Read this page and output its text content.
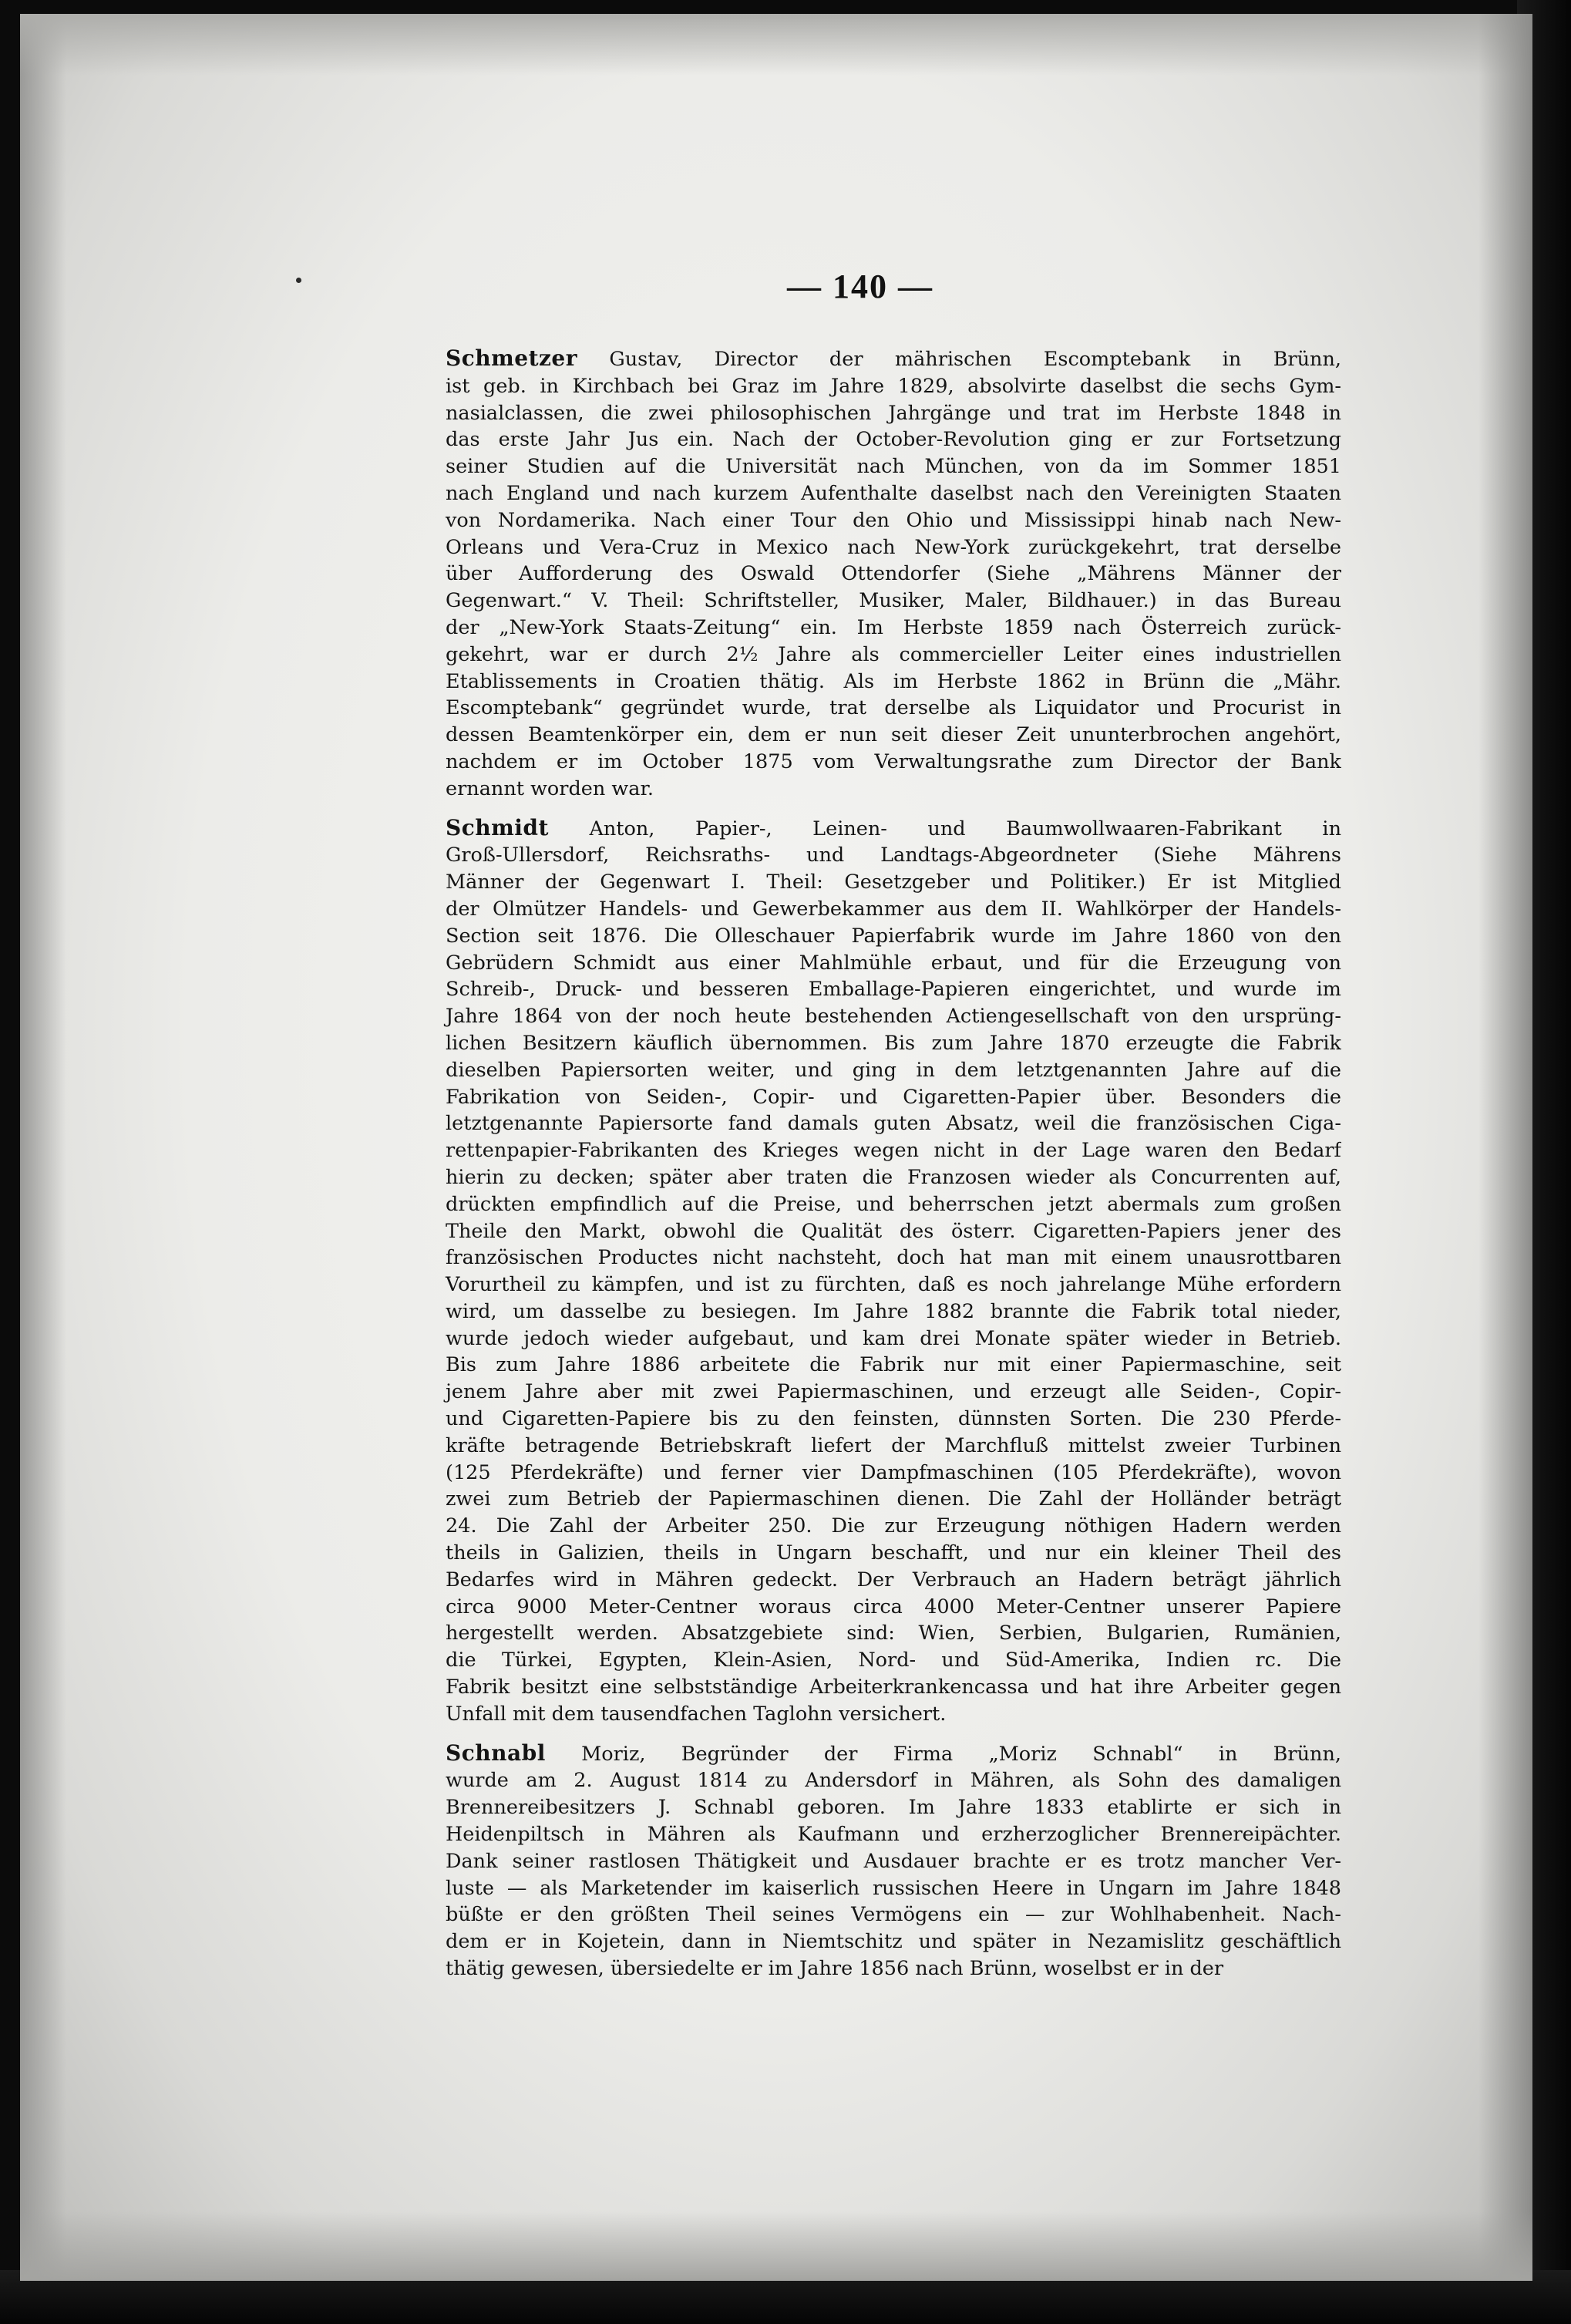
— 140 —
Schmetzer Gustav, Director der mährischen Escomptebank in Brünn,
ist geb. in Kirchbach bei Graz im Jahre 1829, absolvirte daselbst die sechs Gym-
nasialclassen, die zwei philosophischen Jahrgänge und trat im Herbste 1848 in
das erste Jahr Jus ein. Nach der October-Revolution ging er zur Fortsetzung
seiner Studien auf die Universität nach München, von da im Sommer 1851
nach England und nach kurzem Aufenthalte daselbst nach den Vereinigten Staaten
von Nordamerika. Nach einer Tour den Ohio und Mississippi hinab nach New-
Orleans und Vera-Cruz in Mexico nach New-York zurückgekehrt, trat derselbe
über Aufforderung des Oswald Ottendorfer (Siehe „Mährens Männer der
Gegenwart.“ V. Theil: Schriftsteller, Musiker, Maler, Bildhauer.) in das Bureau
der „New-York Staats-Zeitung“ ein. Im Herbste 1859 nach Österreich zurück-
gekehrt, war er durch 2½ Jahre als commercieller Leiter eines industriellen
Etablissements in Croatien thätig. Als im Herbste 1862 in Brünn die „Mähr.
Escomptebank“ gegründet wurde, trat derselbe als Liquidator und Procurist in
dessen Beamtenkörper ein, dem er nun seit dieser Zeit ununterbrochen angehört,
nachdem er im October 1875 vom Verwaltungsrathe zum Director der Bank
ernannt worden war.
Schmidt Anton, Papier-, Leinen- und Baumwollwaaren-Fabrikant in
Groß-Ullersdorf, Reichsraths- und Landtags-Abgeordneter (Siehe Mährens
Männer der Gegenwart I. Theil: Gesetzgeber und Politiker.) Er ist Mitglied
der Olmützer Handels- und Gewerbekammer aus dem II. Wahlkörper der Handels-
Section seit 1876. Die Olleschauer Papierfabrik wurde im Jahre 1860 von den
Gebrüdern Schmidt aus einer Mahlmühle erbaut, und für die Erzeugung von
Schreib-, Druck- und besseren Emballage-Papieren eingerichtet, und wurde im
Jahre 1864 von der noch heute bestehenden Actiengesellschaft von den ursprüng-
lichen Besitzern käuflich übernommen. Bis zum Jahre 1870 erzeugte die Fabrik
dieselben Papiersorten weiter, und ging in dem letztgenannten Jahre auf die
Fabrikation von Seiden-, Copir- und Cigaretten-Papier über. Besonders die
letztgenannte Papiersorte fand damals guten Absatz, weil die französischen Ciga-
rettenpapier-Fabrikanten des Krieges wegen nicht in der Lage waren den Bedarf
hierin zu decken; später aber traten die Franzosen wieder als Concurrenten auf,
drückten empfindlich auf die Preise, und beherrschen jetzt abermals zum großen
Theile den Markt, obwohl die Qualität des österr. Cigaretten-Papiers jener des
französischen Productes nicht nachsteht, doch hat man mit einem unausrottbaren
Vorurtheil zu kämpfen, und ist zu fürchten, daß es noch jahrelange Mühe erfordern
wird, um dasselbe zu besiegen. Im Jahre 1882 brannte die Fabrik total nieder,
wurde jedoch wieder aufgebaut, und kam drei Monate später wieder in Betrieb.
Bis zum Jahre 1886 arbeitete die Fabrik nur mit einer Papiermaschine, seit
jenem Jahre aber mit zwei Papiermaschinen, und erzeugt alle Seiden-, Copir-
und Cigaretten-Papiere bis zu den feinsten, dünnsten Sorten. Die 230 Pferde-
kräfte betragende Betriebskraft liefert der Marchfluß mittelst zweier Turbinen
(125 Pferdekräfte) und ferner vier Dampfmaschinen (105 Pferdekräfte), wovon
zwei zum Betrieb der Papiermaschinen dienen. Die Zahl der Holländer beträgt
24. Die Zahl der Arbeiter 250. Die zur Erzeugung nöthigen Hadern werden
theils in Galizien, theils in Ungarn beschafft, und nur ein kleiner Theil des
Bedarfes wird in Mähren gedeckt. Der Verbrauch an Hadern beträgt jährlich
circa 9000 Meter-Centner woraus circa 4000 Meter-Centner unserer Papiere
hergestellt werden. Absatzgebiete sind: Wien, Serbien, Bulgarien, Rumänien,
die Türkei, Egypten, Klein-Asien, Nord- und Süd-Amerika, Indien rc. Die
Fabrik besitzt eine selbstständige Arbeiterkrankencassa und hat ihre Arbeiter gegen
Unfall mit dem tausendfachen Taglohn versichert.
Schnabl Moriz, Begründer der Firma „Moriz Schnabl“ in Brünn,
wurde am 2. August 1814 zu Andersdorf in Mähren, als Sohn des damaligen
Brennereibesitzers J. Schnabl geboren. Im Jahre 1833 etablirte er sich in
Heidenpiltsch in Mähren als Kaufmann und erzherzoglicher Brennereipächter.
Dank seiner rastlosen Thätigkeit und Ausdauer brachte er es trotz mancher Ver-
luste — als Marketender im kaiserlich russischen Heere in Ungarn im Jahre 1848
büßte er den größten Theil seines Vermögens ein — zur Wohlhabenheit. Nach-
dem er in Kojetein, dann in Niemtschitz und später in Nezamislitz geschäftlich
thätig gewesen, übersiedelte er im Jahre 1856 nach Brünn, woselbst er in der
